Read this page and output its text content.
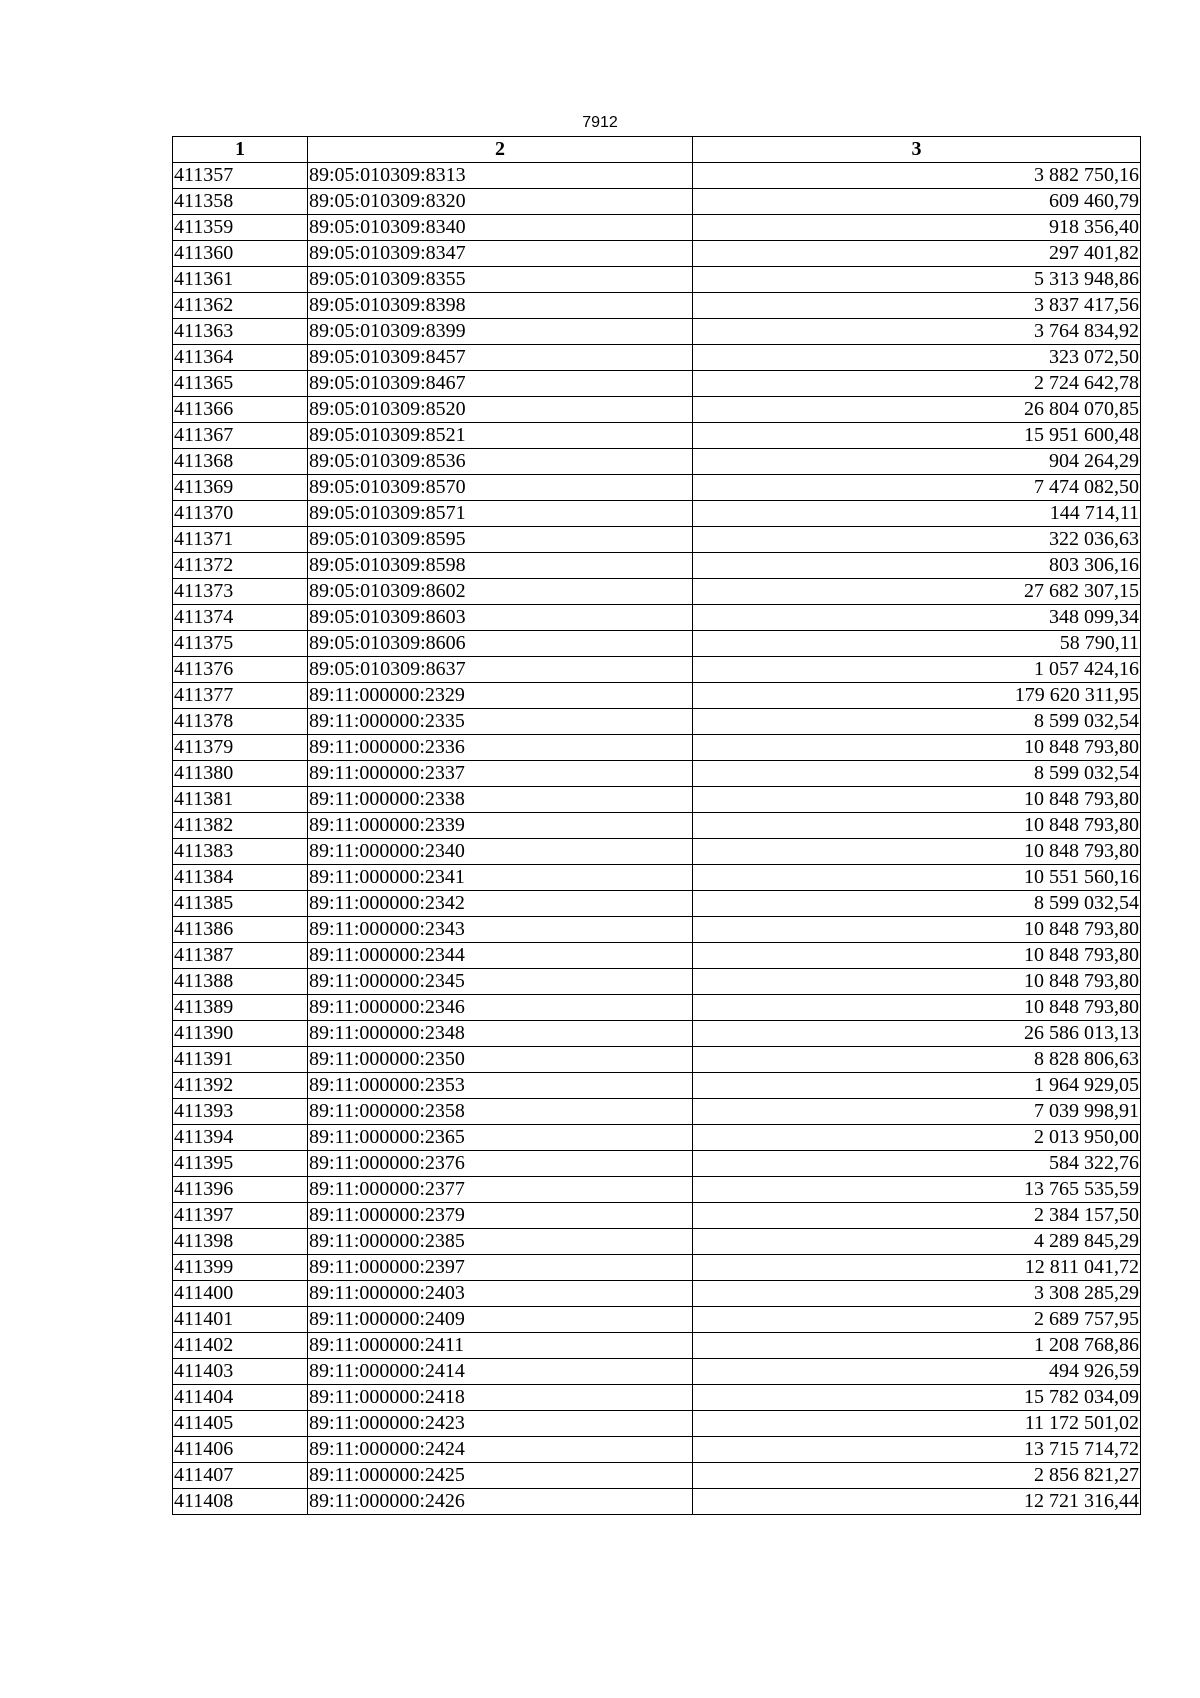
7912
1	2	3
411357	89:05:010309:8313	3 882 750,16
411358	89:05:010309:8320	609 460,79
411359	89:05:010309:8340	918 356,40
411360	89:05:010309:8347	297 401,82
411361	89:05:010309:8355	5 313 948,86
411362	89:05:010309:8398	3 837 417,56
411363	89:05:010309:8399	3 764 834,92
411364	89:05:010309:8457	323 072,50
411365	89:05:010309:8467	2 724 642,78
411366	89:05:010309:8520	26 804 070,85
411367	89:05:010309:8521	15 951 600,48
411368	89:05:010309:8536	904 264,29
411369	89:05:010309:8570	7 474 082,50
411370	89:05:010309:8571	144 714,11
411371	89:05:010309:8595	322 036,63
411372	89:05:010309:8598	803 306,16
411373	89:05:010309:8602	27 682 307,15
411374	89:05:010309:8603	348 099,34
411375	89:05:010309:8606	58 790,11
411376	89:05:010309:8637	1 057 424,16
411377	89:11:000000:2329	179 620 311,95
411378	89:11:000000:2335	8 599 032,54
411379	89:11:000000:2336	10 848 793,80
411380	89:11:000000:2337	8 599 032,54
411381	89:11:000000:2338	10 848 793,80
411382	89:11:000000:2339	10 848 793,80
411383	89:11:000000:2340	10 848 793,80
411384	89:11:000000:2341	10 551 560,16
411385	89:11:000000:2342	8 599 032,54
411386	89:11:000000:2343	10 848 793,80
411387	89:11:000000:2344	10 848 793,80
411388	89:11:000000:2345	10 848 793,80
411389	89:11:000000:2346	10 848 793,80
411390	89:11:000000:2348	26 586 013,13
411391	89:11:000000:2350	8 828 806,63
411392	89:11:000000:2353	1 964 929,05
411393	89:11:000000:2358	7 039 998,91
411394	89:11:000000:2365	2 013 950,00
411395	89:11:000000:2376	584 322,76
411396	89:11:000000:2377	13 765 535,59
411397	89:11:000000:2379	2 384 157,50
411398	89:11:000000:2385	4 289 845,29
411399	89:11:000000:2397	12 811 041,72
411400	89:11:000000:2403	3 308 285,29
411401	89:11:000000:2409	2 689 757,95
411402	89:11:000000:2411	1 208 768,86
411403	89:11:000000:2414	494 926,59
411404	89:11:000000:2418	15 782 034,09
411405	89:11:000000:2423	11 172 501,02
411406	89:11:000000:2424	13 715 714,72
411407	89:11:000000:2425	2 856 821,27
411408	89:11:000000:2426	12 721 316,44
